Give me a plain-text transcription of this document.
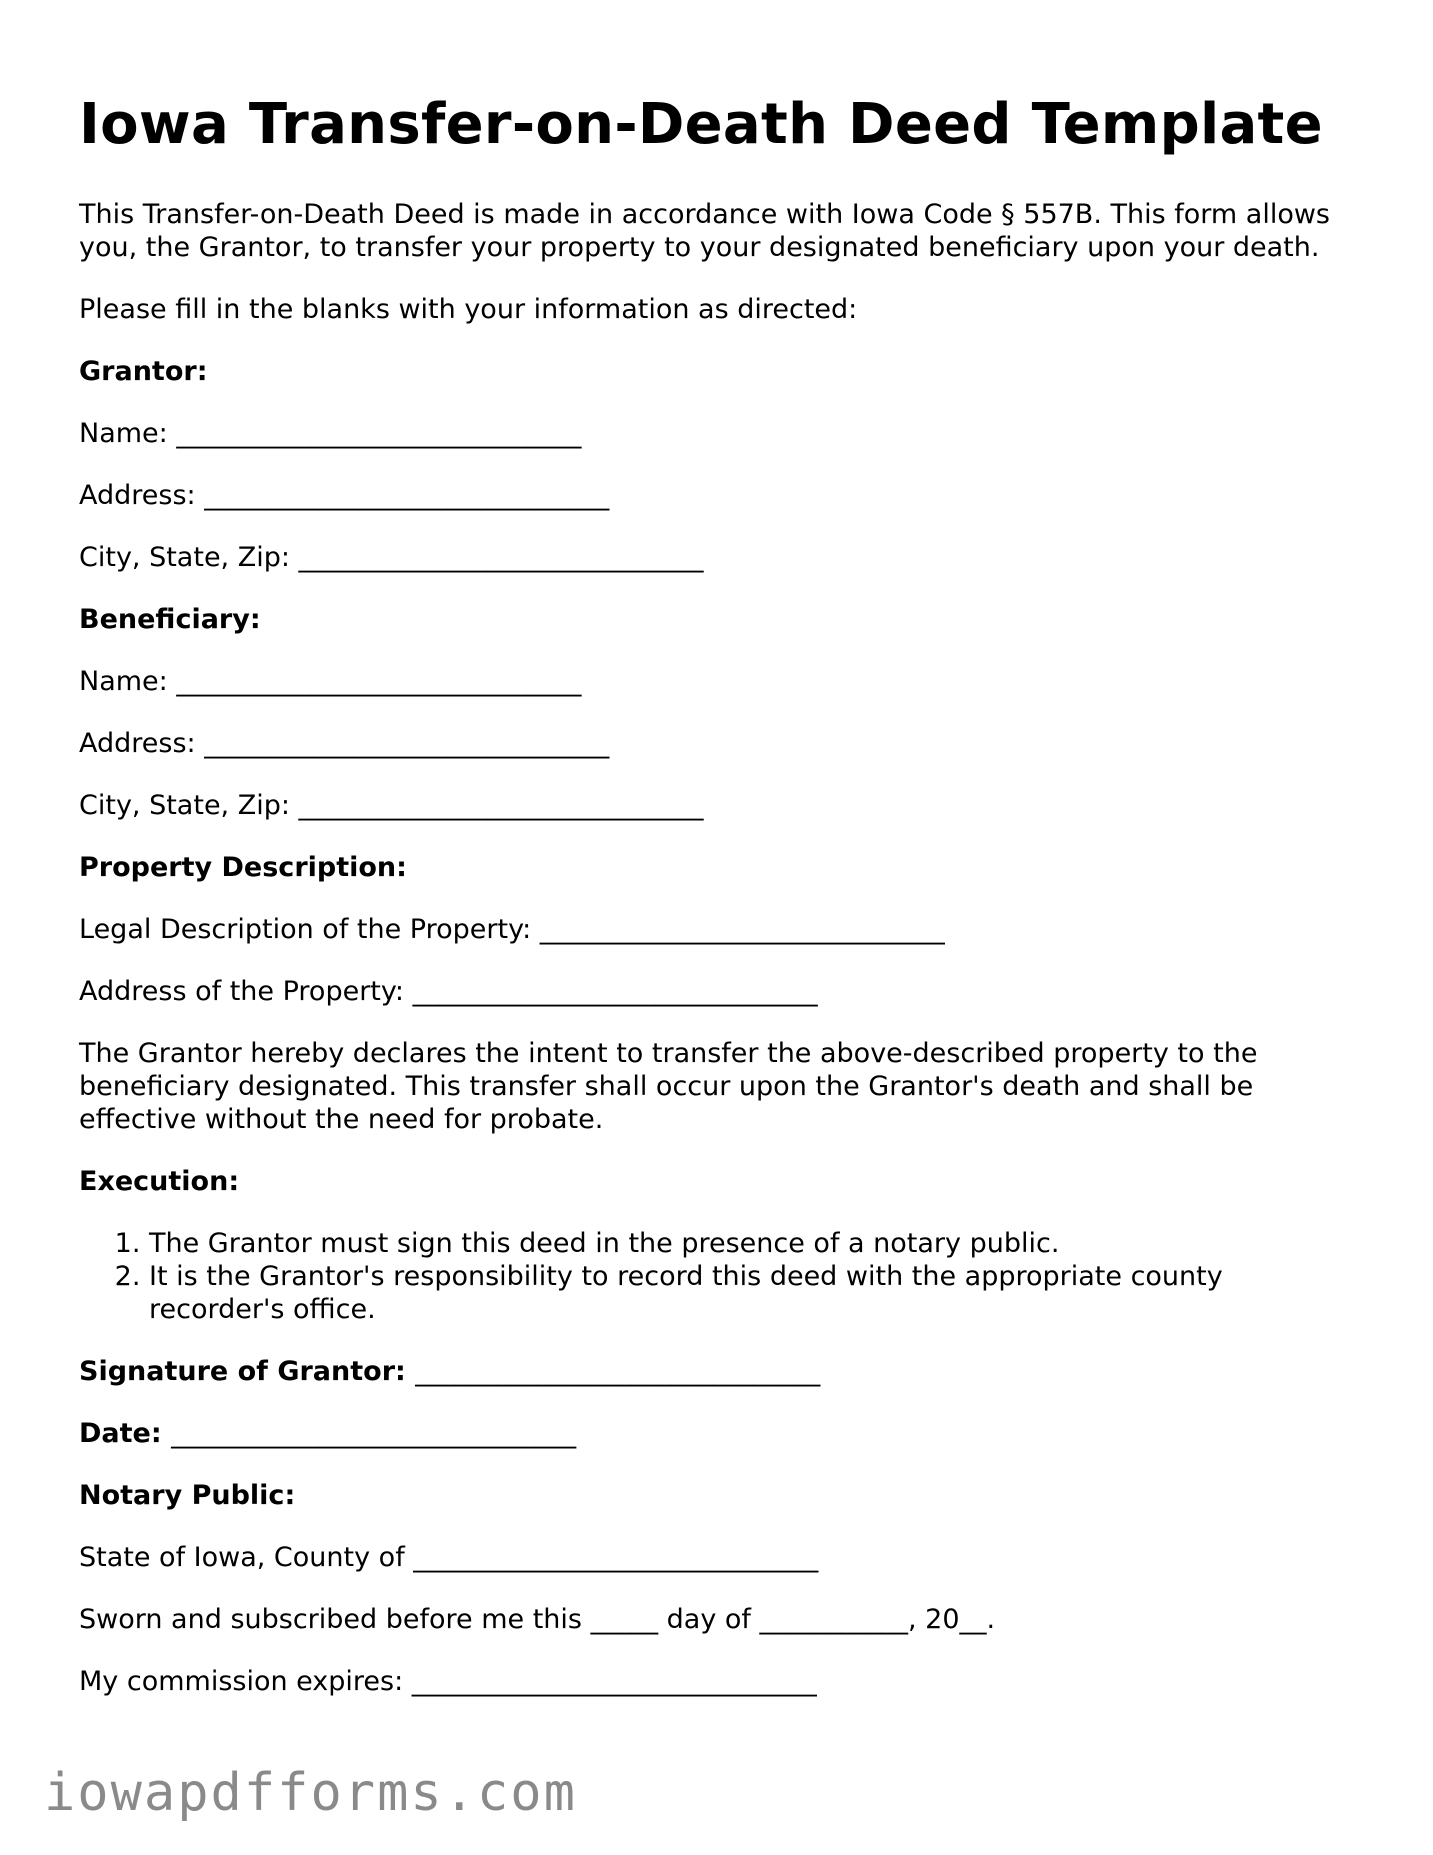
Iowa Transfer-on-Death Deed Template

This Transfer-on-Death Deed is made in accordance with Iowa Code § 557B. This form allows you, the Grantor, to transfer your property to your designated beneficiary upon your death.

Please fill in the blanks with your information as directed:

Grantor:

Name: ______________________________

Address: ______________________________

City, State, Zip: ______________________________

Beneficiary:

Name: ______________________________

Address: ______________________________

City, State, Zip: ______________________________

Property Description:

Legal Description of the Property: ______________________________

Address of the Property: ______________________________

The Grantor hereby declares the intent to transfer the above-described property to the beneficiary designated. This transfer shall occur upon the Grantor's death and shall be effective without the need for probate.

Execution:

1. The Grantor must sign this deed in the presence of a notary public.
2. It is the Grantor's responsibility to record this deed with the appropriate county recorder's office.

Signature of Grantor: ______________________________

Date: ______________________________

Notary Public:

State of Iowa, County of ______________________________

Sworn and subscribed before me this _____ day of ___________, 20__.

My commission expires: ______________________________

iowapdfforms.com
